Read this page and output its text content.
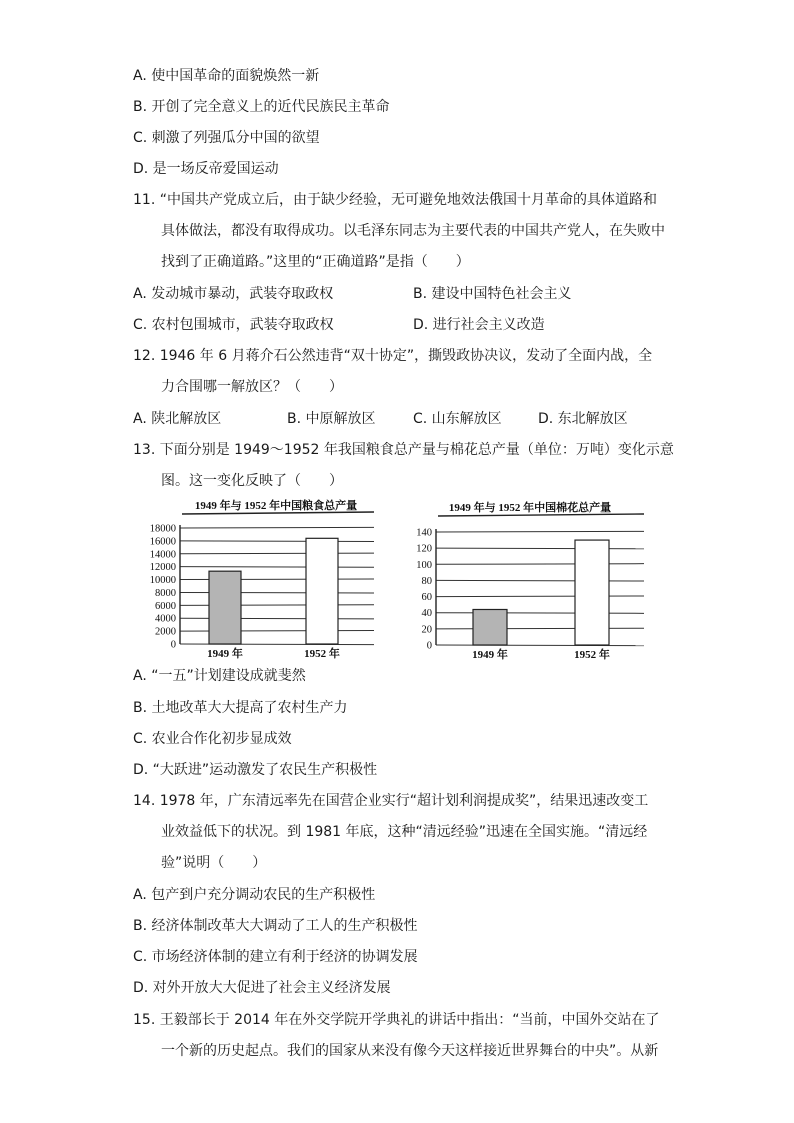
A. 使中国革命的面貌焕然一新
B. 开创了完全意义上的近代民族民主革命
C. 刺激了列强瓜分中国的欲望
D. 是一场反帝爱国运动
11. “中国共产党成立后，由于缺少经验，无可避免地效法俄国十月革命的具体道路和
具体做法，都没有取得成功。以毛泽东同志为主要代表的中国共产党人，在失败中
找到了正确道路。”这里的“正确道路”是指（　　）
A. 发动城市暴动，武装夺取政权	B. 建设中国特色社会主义
C. 农村包围城市，武装夺取政权	D. 进行社会主义改造
12. 1946 年 6 月蒋介石公然违背“双十协定”，撕毁政协决议，发动了全面内战，全
力合围哪一解放区？（　　）
A. 陕北解放区	B. 中原解放区	C. 山东解放区	D. 东北解放区
13. 下面分别是 1949～1952 年我国粮食总产量与棉花总产量（单位：万吨）变化示意
图。这一变化反映了（　　）
1949 年与 1952 年中国粮食总产量
0
2000
4000
6000
8000
10000
12000
14000
16000
18000
1949 年	1952 年
1949 年与 1952 年中国棉花总产量
0
20
40
60
80
100
120
140
1949 年	1952 年
A. “一五”计划建设成就斐然
B. 土地改革大大提高了农村生产力
C. 农业合作化初步显成效
D. “大跃进”运动激发了农民生产积极性
14. 1978 年，广东清远率先在国营企业实行“超计划利润提成奖”，结果迅速改变工
业效益低下的状况。到 1981 年底，这种“清远经验”迅速在全国实施。“清远经
验”说明（　　）
A. 包产到户充分调动农民的生产积极性
B. 经济体制改革大大调动了工人的生产积极性
C. 市场经济体制的建立有利于经济的协调发展
D. 对外开放大大促进了社会主义经济发展
15. 王毅部长于 2014 年在外交学院开学典礼的讲话中指出：“当前，中国外交站在了
一个新的历史起点。我们的国家从来没有像今天这样接近世界舞台的中央”。从新
